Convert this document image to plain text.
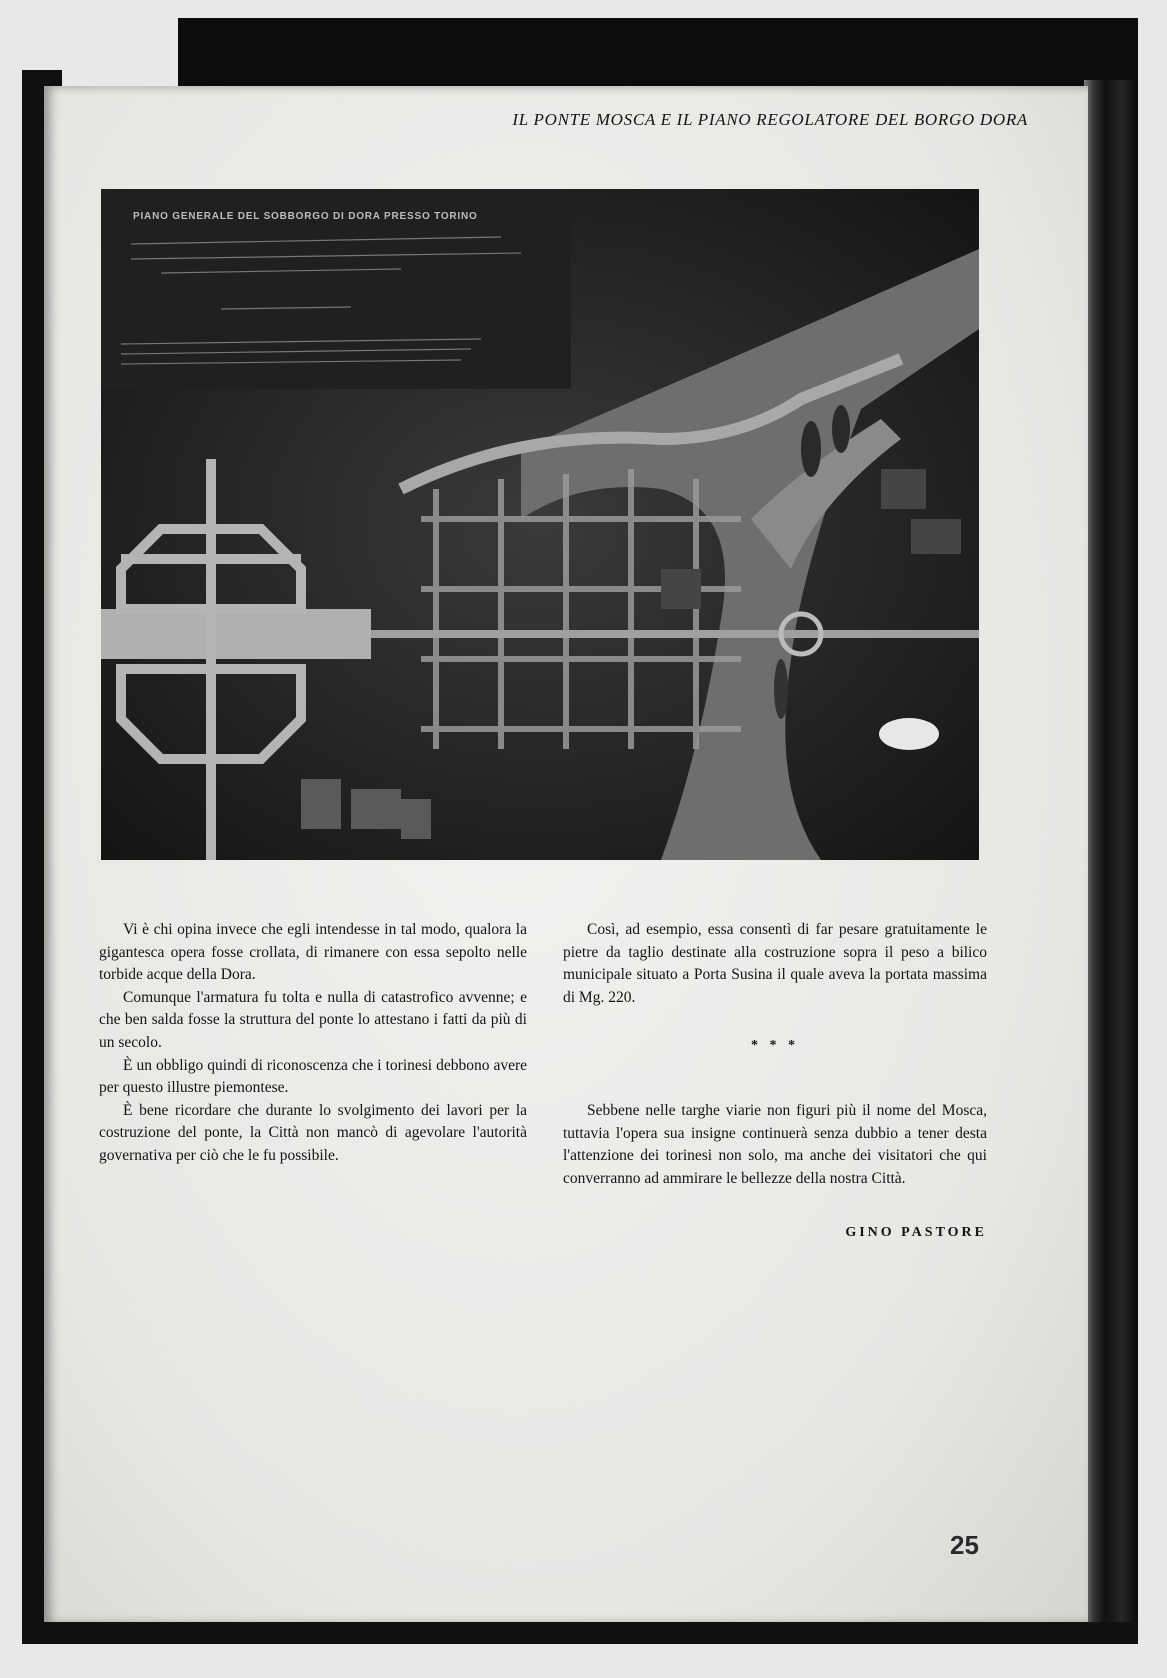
IL PONTE MOSCA E IL PIANO REGOLATORE DEL BORGO DORA
PIANO GENERALE DEL SOBBORGO DI DORA PRESSO TORINO

Vi è chi opina invece che egli intendesse in tal modo, qualora la gigantesca opera fosse crollata, di rimanere con essa sepolto nelle torbide acque della Dora.

Comunque l'armatura fu tolta e nulla di catastrofico avvenne; e che ben salda fosse la struttura del ponte lo attestano i fatti da più di un secolo.

È un obbligo quindi di riconoscenza che i torinesi debbono avere per questo illustre piemontese.

È bene ricordare che durante lo svolgimento dei lavori per la costruzione del ponte, la Città non mancò di agevolare l'autorità governativa per ciò che le fu possibile.

Così, ad esempio, essa consentì di far pesare gratuitamente le pietre da taglio destinate alla costruzione sopra il peso a bilico municipale situato a Porta Susina il quale aveva la portata massima di Mg. 220.

* * *

Sebbene nelle targhe viarie non figuri più il nome del Mosca, tuttavia l'opera sua insigne continuerà senza dubbio a tener desta l'attenzione dei torinesi non solo, ma anche dei visitatori che qui converranno ad ammirare le bellezze della nostra Città.

GINO PASTORE
25
